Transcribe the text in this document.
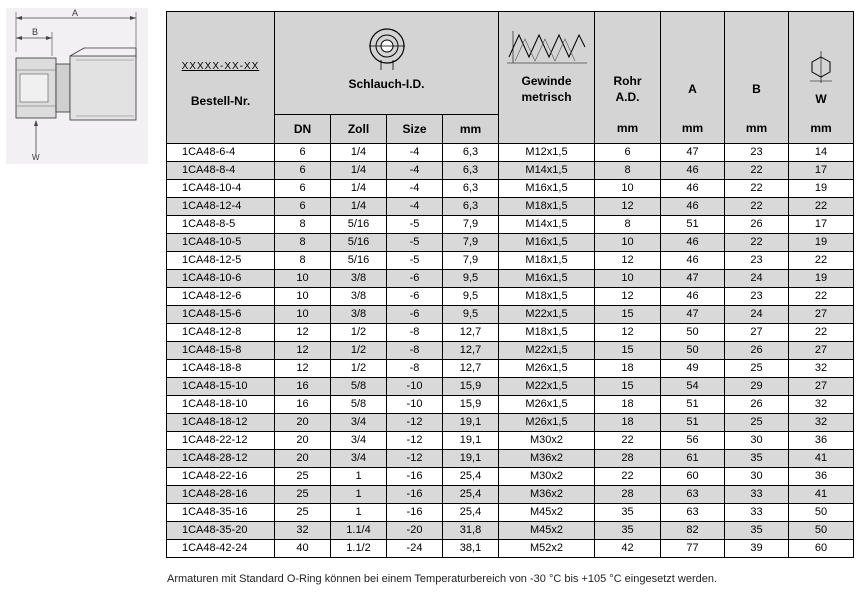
A
B
W
XXXXX-XX-XX
Bestell-Nr.	Schlauch-I.D.				Gewinde metrisch	Rohr A.D.	A	B	W

	DN	Zoll	Size	mm		mm	mm	mm	mm
1CA48-6-4	6	1/4	-4	6,3	M12x1,5	6	47	23	14
1CA48-8-4	6	1/4	-4	6,3	M14x1,5	8	46	22	17
1CA48-10-4	6	1/4	-4	6,3	M16x1,5	10	46	22	19
1CA48-12-4	6	1/4	-4	6,3	M18x1,5	12	46	22	22
1CA48-8-5	8	5/16	-5	7,9	M14x1,5	8	51	26	17
1CA48-10-5	8	5/16	-5	7,9	M16x1,5	10	46	22	19
1CA48-12-5	8	5/16	-5	7,9	M18x1,5	12	46	23	22
1CA48-10-6	10	3/8	-6	9,5	M16x1,5	10	47	24	19
1CA48-12-6	10	3/8	-6	9,5	M18x1,5	12	46	23	22
1CA48-15-6	10	3/8	-6	9,5	M22x1,5	15	47	24	27
1CA48-12-8	12	1/2	-8	12,7	M18x1,5	12	50	27	22
1CA48-15-8	12	1/2	-8	12,7	M22x1,5	15	50	26	27
1CA48-18-8	12	1/2	-8	12,7	M26x1,5	18	49	25	32
1CA48-15-10	16	5/8	-10	15,9	M22x1,5	15	54	29	27
1CA48-18-10	16	5/8	-10	15,9	M26x1,5	18	51	26	32
1CA48-18-12	20	3/4	-12	19,1	M26x1,5	18	51	25	32
1CA48-22-12	20	3/4	-12	19,1	M30x2	22	56	30	36
1CA48-28-12	20	3/4	-12	19,1	M36x2	28	61	35	41
1CA48-22-16	25	1	-16	25,4	M30x2	22	60	30	36
1CA48-28-16	25	1	-16	25,4	M36x2	28	63	33	41
1CA48-35-16	25	1	-16	25,4	M45x2	35	63	33	50
1CA48-35-20	32	1.1/4	-20	31,8	M45x2	35	82	35	50
1CA48-42-24	40	1.1/2	-24	38,1	M52x2	42	77	39	60
Armaturen mit Standard O-Ring können bei einem Temperaturbereich von -30 °C bis +105 °C eingesetzt werden.
